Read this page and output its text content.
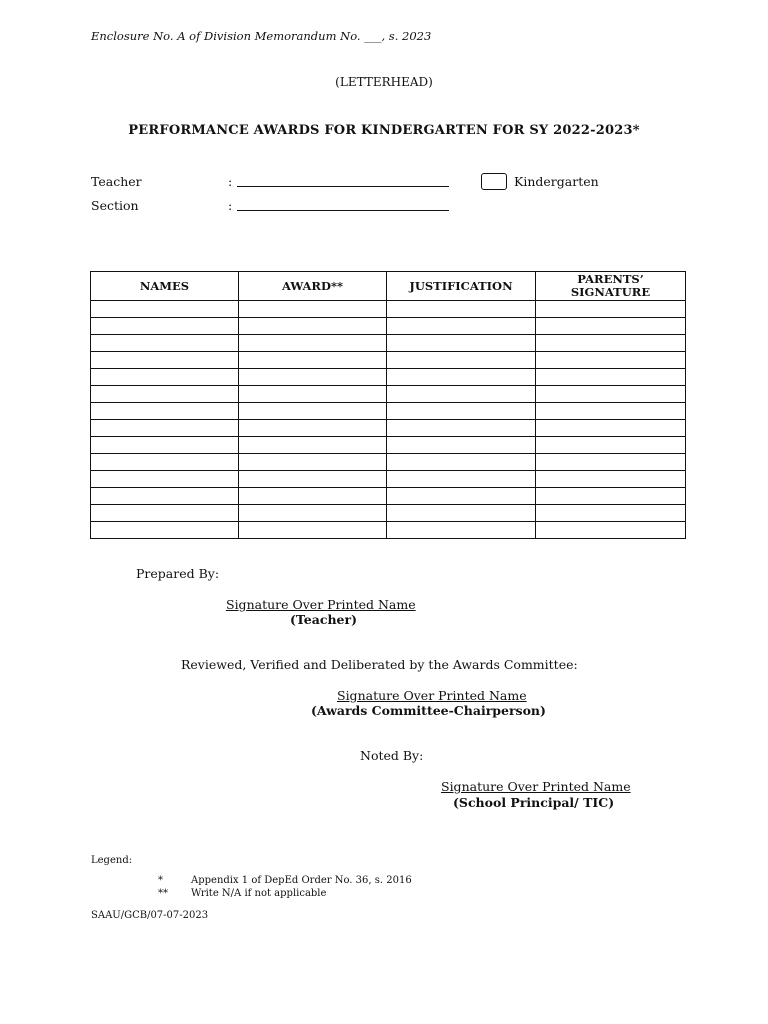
Enclosure No. A of Division Memorandum No. ___, s. 2023
(LETTERHEAD)
PERFORMANCE AWARDS FOR KINDERGARTEN FOR SY 2022-2023*
Teacher	:
Section	:
Kindergarten
NAMES	AWARD**	JUSTIFICATION	PARENTS’ SIGNATURE

Prepared By:
Signature Over Printed Name
(Teacher)
Reviewed, Verified and Deliberated by the Awards Committee:
Signature Over Printed Name
(Awards Committee-Chairperson)
Noted By:
Signature Over Printed Name
(School Principal/ TIC)
Legend:
*	Appendix 1 of DepEd Order No. 36, s. 2016
** Write N/A if not applicable
SAAU/GCB/07-07-2023
